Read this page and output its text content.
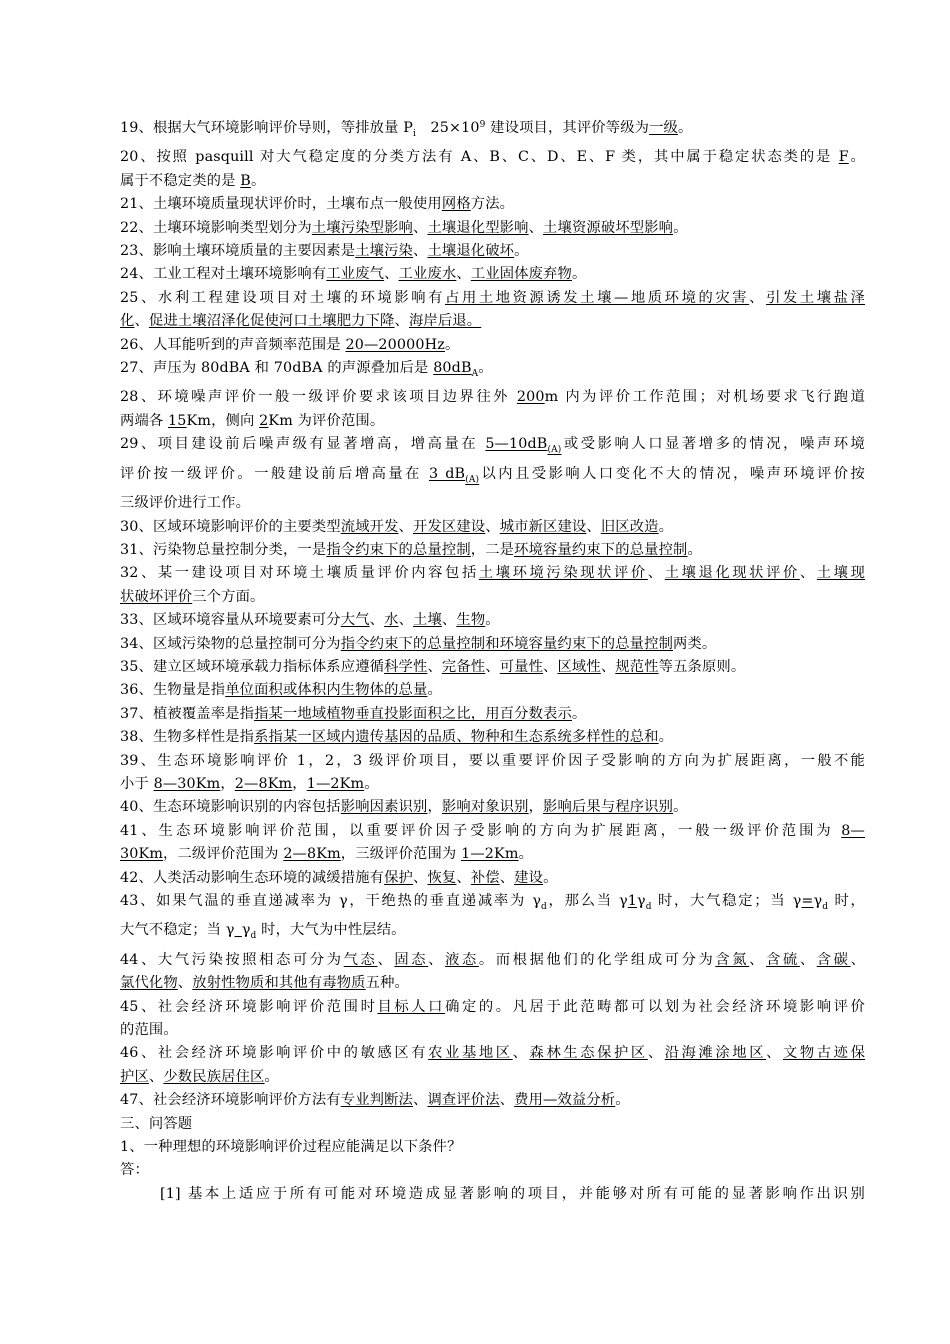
19、根据大气环境影响评价导则，等排放量 $P_i$　$25\times 10^9$ 建设项目，其评价等级为一级。
20、按照 pasquill 对大气稳定度的分类方法有 A、B、C、D、E、F 类，其中属于稳定状态类的是 F。
属于不稳定类的是 B。
21、土壤环境质量现状评价时，土壤布点一般使用网格方法。
22、土壤环境影响类型划分为土壤污染型影响、土壤退化型影响、土壤资源破坏型影响。
23、影响土壤环境质量的主要因素是土壤污染、土壤退化破坏。
24、工业工程对土壤环境影响有工业废气、工业废水、工业固体废弃物。
25、水利工程建设项目对土壤的环境影响有占用土地资源诱发土壤—地质环境的灾害、引发土壤盐泽
化、促进土壤沼泽化促使河口土壤肥力下降、海岸后退。
26、人耳能听到的声音频率范围是 20—20000Hz。
27、声压为 80dBA 和 70dBA 的声源叠加后是 $80dB_A$。
28、环境噪声评价一般一级评价要求该项目边界往外 200m 内为评价工作范围；对机场要求飞行跑道
两端各 15Km，侧向 2Km 为评价范围。
29、项目建设前后噪声级有显著增高，增高量在 $5—10dB_{(A)}$或受影响人口显著增多的情况，噪声环境
评价按一级评价。一般建设前后增高量在 3 $dB_{(A)}$以内且受影响人口变化不大的情况，噪声环境评价按
三级评价进行工作。
30、区域环境影响评价的主要类型流域开发、开发区建设、城市新区建设、旧区改造。
31、污染物总量控制分类，一是指令约束下的总量控制，二是环境容量约束下的总量控制。
32、某一建设项目对环境土壤质量评价内容包括土壤环境污染现状评价、土壤退化现状评价、土壤现
状破坏评价三个方面。
33、区域环境容量从环境要素可分大气、水、土壤、生物。
34、区域污染物的总量控制可分为指令约束下的总量控制和环境容量约束下的总量控制两类。
35、建立区域环境承载力指标体系应遵循科学性、完备性、可量性、区域性、规范性等五条原则。
36、生物量是指单位面积或体积内生物体的总量。
37、植被覆盖率是指指某一地域植物垂直投影面积之比，用百分数表示。
38、生物多样性是指系指某一区域内遗传基因的品质、物种和生态系统多样性的总和。
39、生态环境影响评价 1，2，3 级评价项目，要以重要评价因子受影响的方向为扩展距离，一般不能
小于 8—30Km，2—8Km，1—2Km。
40、生态环境影响识别的内容包括影响因素识别，影响对象识别，影响后果与程序识别。
41、生态环境影响评价范围，以重要评价因子受影响的方向为扩展距离，一般一级评价范围为 8—
30Km，二级评价范围为 2—8Km，三级评价范围为 1—2Km。
42、人类活动影响生态环境的减缓措施有保护、恢复、补偿、建设。
43、如果气温的垂直递减率为 γ，干绝热的垂直递减率为 $\gamma_d$，那么当 $\gamma 1\gamma_d$ 时，大气稳定；当 $\gamma=\gamma_d$ 时，
大气不稳定；当 $\gamma\_\gamma_d$ 时，大气为中性层结。
44、大气污染按照相态可分为气态、固态、液态。而根据他们的化学组成可分为含氮、含硫、含碳、
氯代化物、放射性物质和其他有毒物质五种。
45、社会经济环境影响评价范围时目标人口确定的。凡居于此范畴都可以划为社会经济环境影响评价
的范围。
46、社会经济环境影响评价中的敏感区有农业基地区、森林生态保护区、沿海滩涂地区、文物古迹保
护区、少数民族居住区。
47、社会经济环境影响评价方法有专业判断法、调查评价法、费用—效益分析。
三、问答题
1、一种理想的环境影响评价过程应能满足以下条件？
答：
[1] 基本上适应于所有可能对环境造成显著影响的项目，并能够对所有可能的显著影响作出识别
